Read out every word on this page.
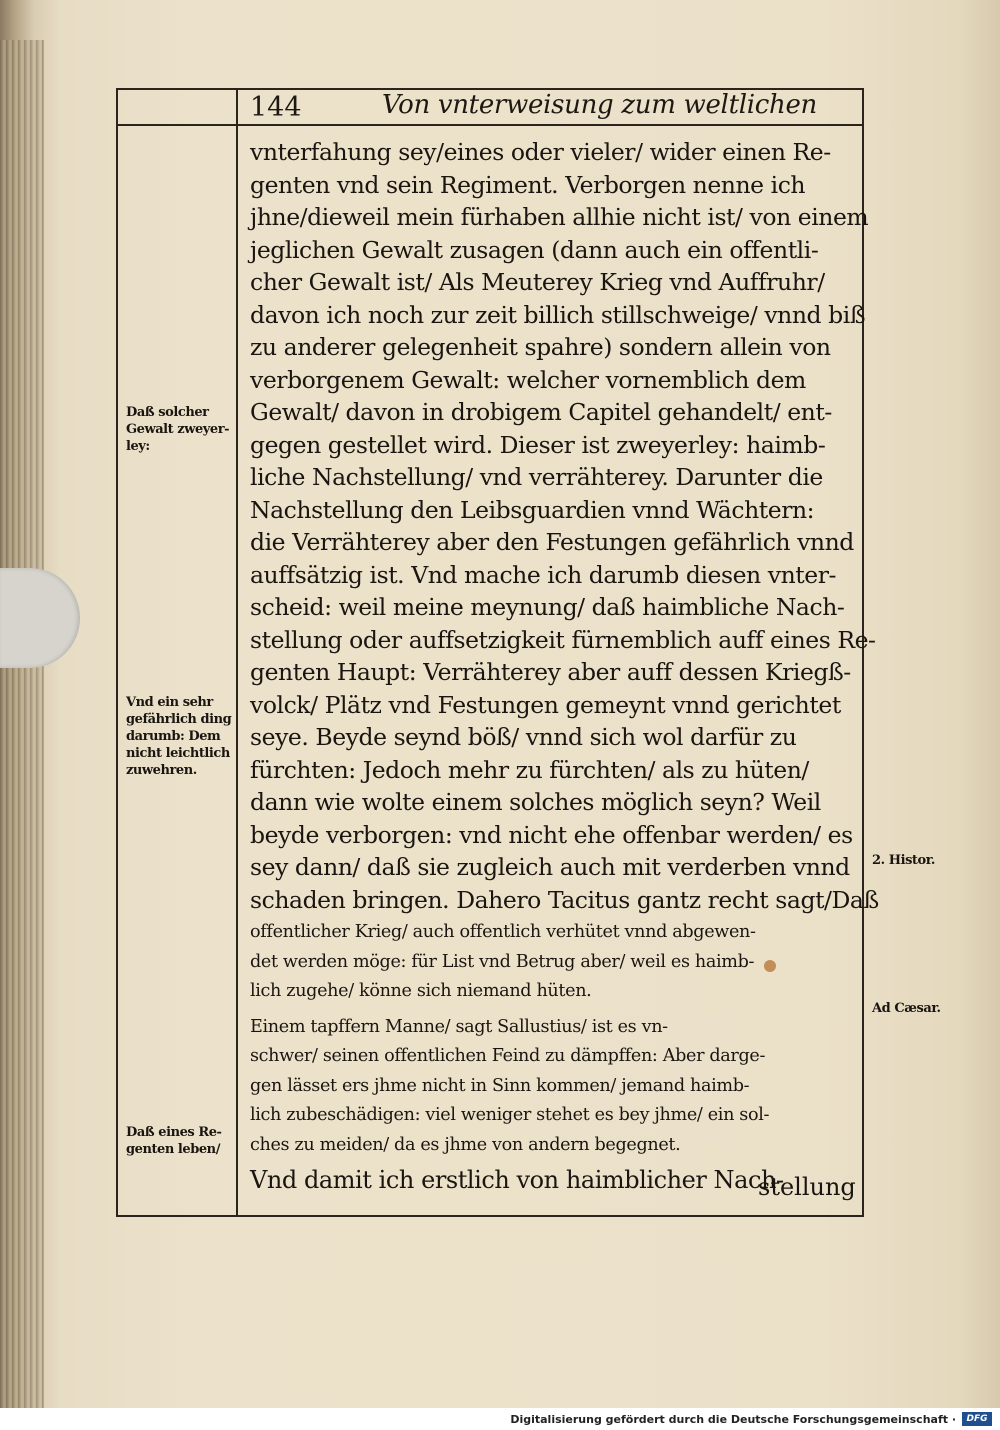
144	Von vnterweisung zum weltlichen
vnterfahung sey/eines oder vieler/ wider einen Re-
genten vnd sein Regiment. Verborgen nenne ich
jhne/dieweil mein fürhaben allhie nicht ist/ von einem
jeglichen Gewalt zusagen (dann auch ein offentli-
cher Gewalt ist/ Als Meuterey Krieg vnd Auffruhr/
davon ich noch zur zeit billich stillschweige/ vnnd biß
zu anderer gelegenheit spahre) sondern allein von
verborgenem Gewalt: welcher vornemblich dem
Gewalt/ davon in drobigem Capitel gehandelt/ ent-
gegen gestellet wird. Dieser ist zweyerley: haimb-
liche Nachstellung/ vnd verrähterey. Darunter die
Nachstellung den Leibsguardien vnnd Wächtern:
die Verrähterey aber den Festungen gefährlich vnnd
auffsätzig ist. Vnd mache ich darumb diesen vnter-
scheid: weil meine meynung/ daß haimbliche Nach-
stellung oder auffsetzigkeit fürnemblich auff eines Re-
genten Haupt: Verrähterey aber auff dessen Kriegß-
volck/ Plätz vnd Festungen gemeynt vnnd gerichtet
seye. Beyde seynd böß/ vnnd sich wol darfür zu
fürchten: Jedoch mehr zu fürchten/ als zu hüten/
dann wie wolte einem solches möglich seyn? Weil
beyde verborgen: vnd nicht ehe offenbar werden/ es
sey dann/ daß sie zugleich auch mit verderben vnnd
schaden bringen. Dahero Tacitus gantz recht sagt/Daß
offentlicher Krieg/ auch offentlich verhütet vnnd abgewen-
det werden möge: für List vnd Betrug aber/ weil es haimb-
lich zugehe/ könne sich niemand hüten.
Einem tapffern Manne/ sagt Sallustius/ ist es vn-
schwer/ seinen offentlichen Feind zu dämpffen: Aber darge-
gen lässet ers jhme nicht in Sinn kommen/ jemand haimb-
lich zubeschädigen: viel weniger stehet es bey jhme/ ein sol-
ches zu meiden/ da es jhme von andern begegnet.
Vnd damit ich erstlich von haimblicher Nach-
stellung
Daß solcher
Gewalt zweyer-
ley:
Vnd ein sehr
gefährlich ding
darumb: Dem
nicht leichtlich
zuwehren.
Daß eines Re-
genten leben/
2. Histor.
Ad Cæsar.
Digitalisierung gefördert durch die Deutsche Forschungsgemeinschaft ·	DFG
